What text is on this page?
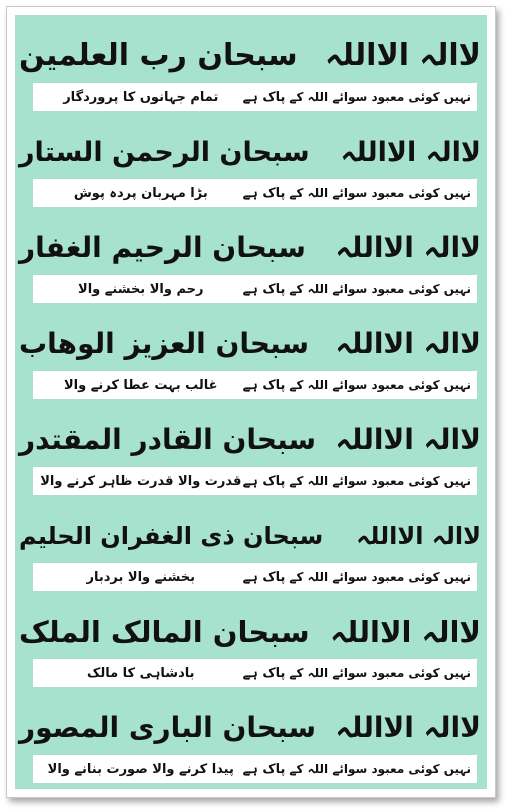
لاالہ الااللہ
سبحان رب العلمین
نہیں کوئی معبود سوائے اللہ کے
پاک ہے
تمام جہانوں کا پروردگار
لاالہ الااللہ
سبحان الرحمن الستار
نہیں کوئی معبود سوائے اللہ کے
پاک ہے
بڑا مہربان پردہ پوش
لاالہ الااللہ
سبحان الرحیم الغفار
نہیں کوئی معبود سوائے اللہ کے
پاک ہے
رحم والا بخشنے والا
لاالہ الااللہ
سبحان العزیز الوھاب
نہیں کوئی معبود سوائے اللہ کے
پاک ہے
غالب بہت عطا کرنے والا
لاالہ الااللہ
سبحان القادر المقتدر
نہیں کوئی معبود سوائے اللہ کے
پاک ہے
قدرت والا قدرت ظاہر کرنے والا
لاالہ الااللہ
سبحان ذی الغفران الحلیم
نہیں کوئی معبود سوائے اللہ کے
پاک ہے
بخشنے والا بردبار
لاالہ الااللہ
سبحان المالک الملک
نہیں کوئی معبود سوائے اللہ کے
پاک ہے
بادشاہی کا مالک
لاالہ الااللہ
سبحان الباری المصور
نہیں کوئی معبود سوائے اللہ کے
پاک ہے
پیدا کرنے والا صورت بنانے والا
